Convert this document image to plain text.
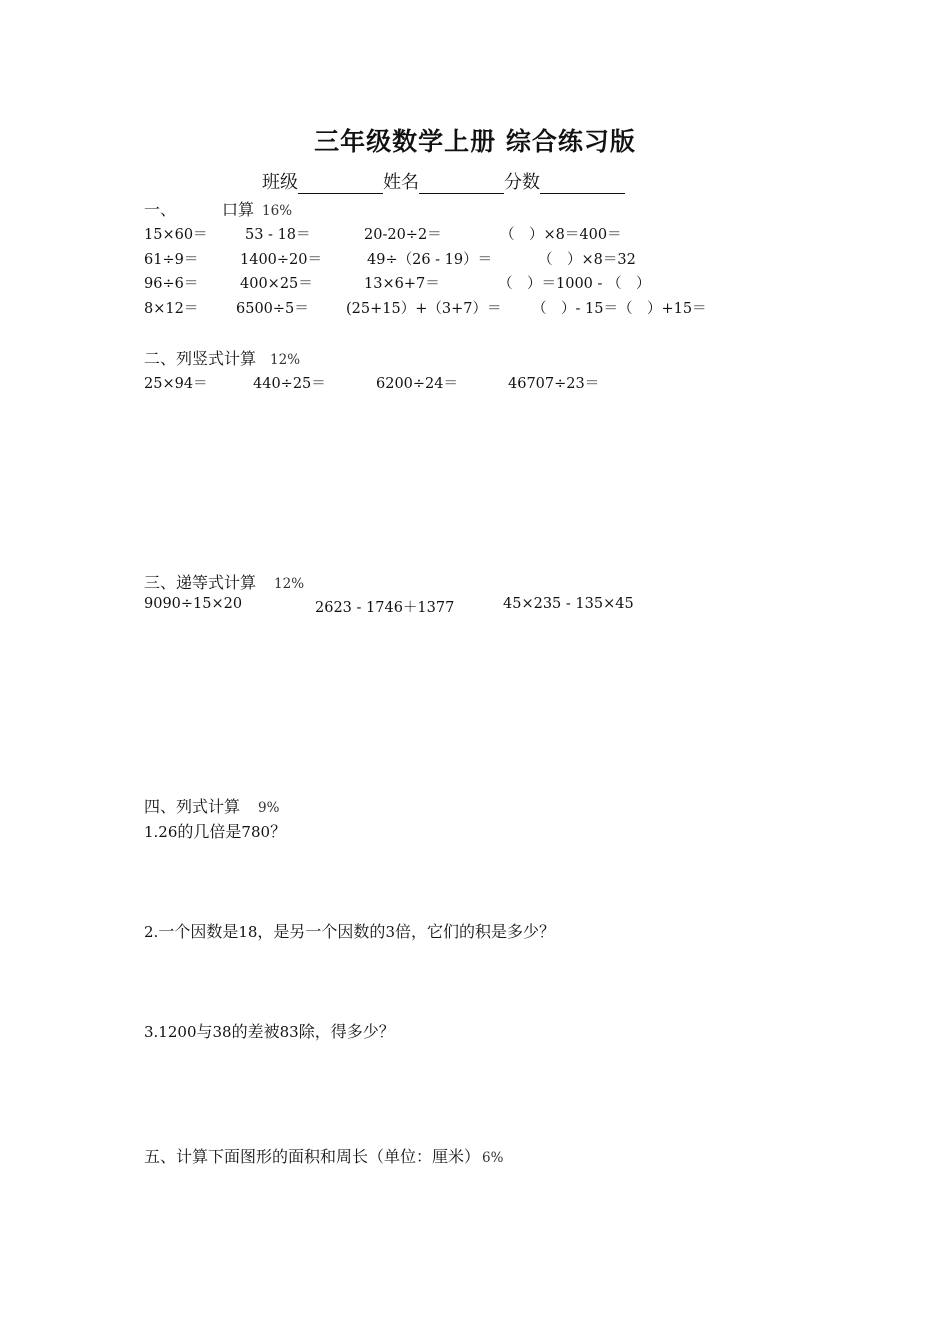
三年级数学上册 综合练习版
班级	姓名	分数
一、	口算 16%
15×60＝	53 - 18＝	20-20÷2＝	（　）×8＝400＝
61÷9＝	1400÷20＝	49÷（26 - 19）＝	（　）×8＝32
96÷6＝	400×25＝	13×6+7＝	（　）＝1000 - （　）
8×12＝	6500÷5＝	(25+15）+（3+7）＝ （　）- 15＝（　）+15＝
二、列竖式计算 12%
25×94＝	440÷25＝	6200÷24＝	46707÷23＝
三、递等式计算 12%
9090÷15×20	2623 - 1746＋1377	45×235 - 135×45
四、列式计算 9%
1.26的几倍是780？
2.一个因数是18，是另一个因数的3倍，它们的积是多少？
3.1200与38的差被83除，得多少？
五、计算下面图形的面积和周长（单位：厘米） 6%
